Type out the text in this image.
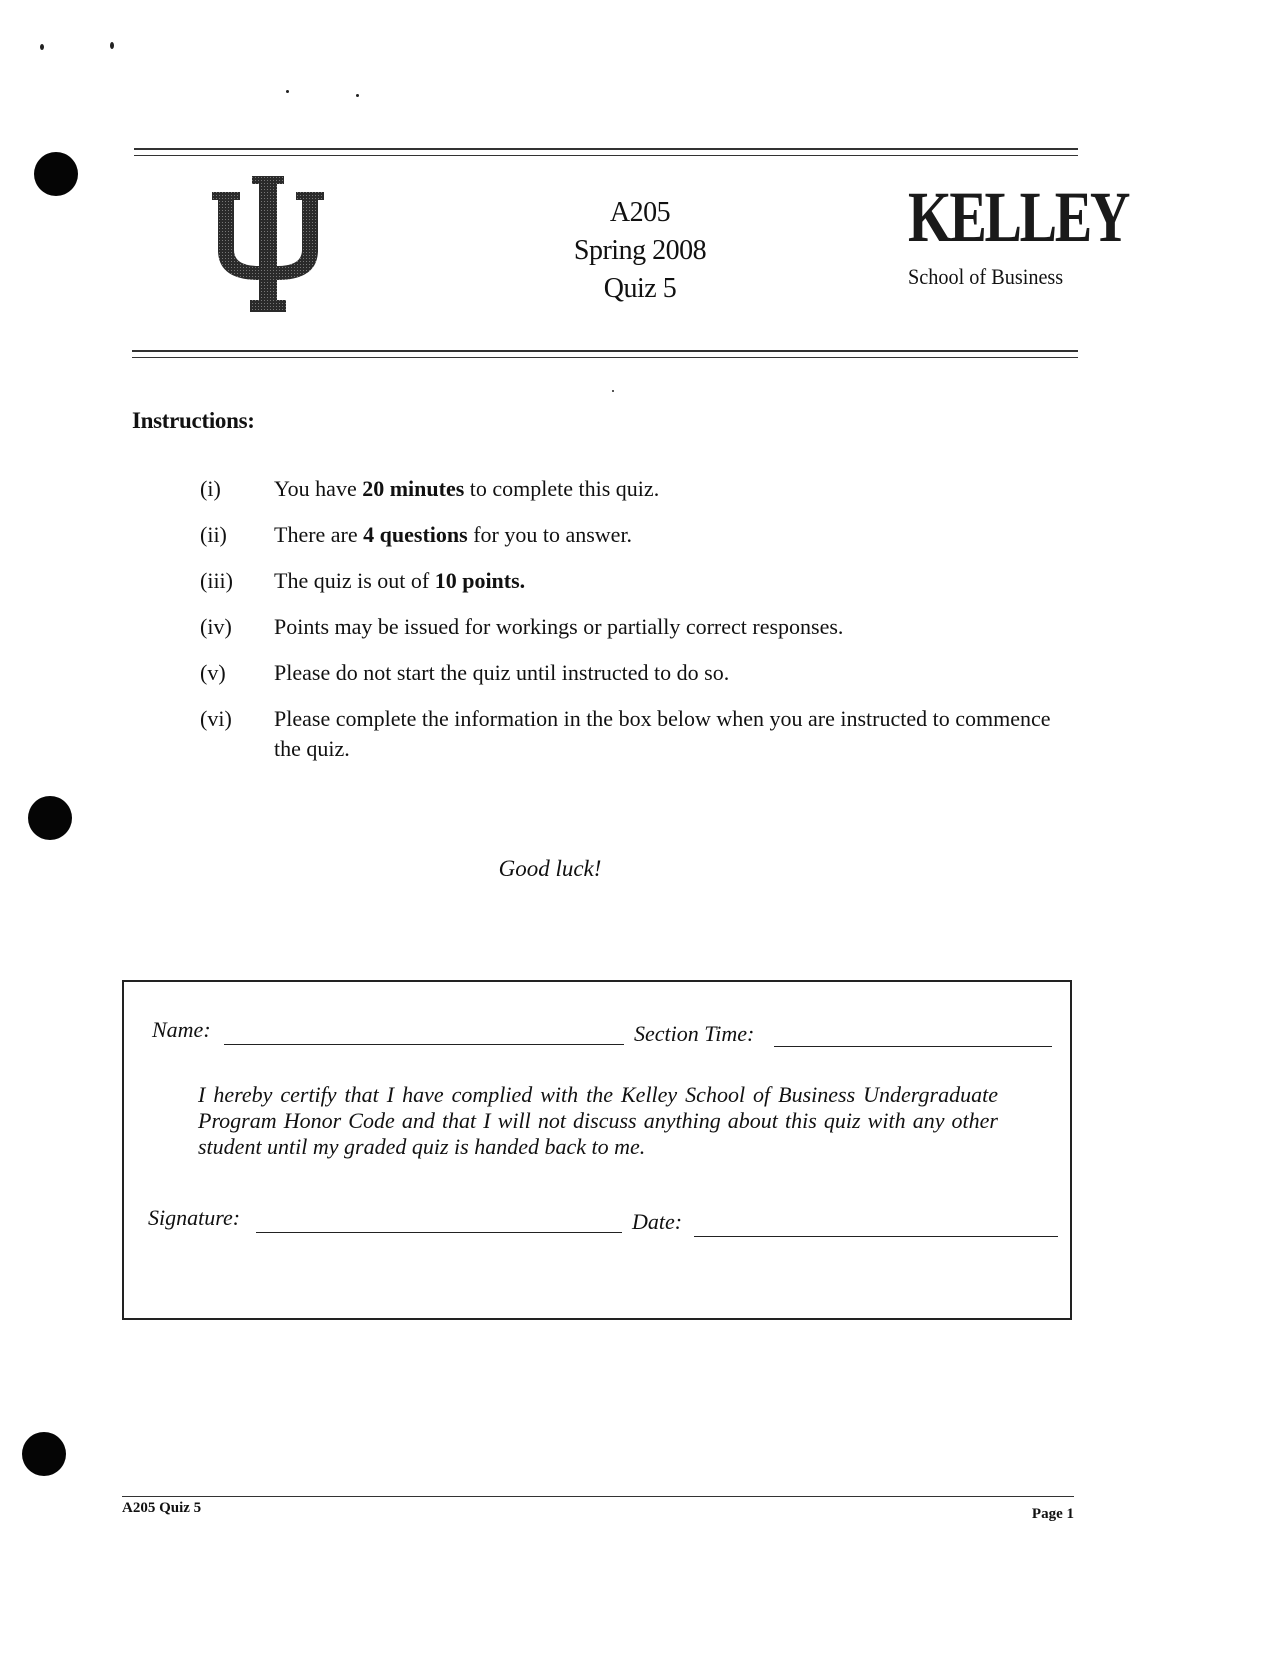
A205
Spring 2008
Quiz 5
KELLEY
School of Business
Instructions:
(i)	You have 20 minutes to complete this quiz.
(ii)	There are 4 questions for you to answer.
(iii)	The quiz is out of 10 points.
(iv)	Points may be issued for workings or partially correct responses.
(v)	Please do not start the quiz until instructed to do so.
(vi)	Please complete the information in the box below when you are instructed to commence the quiz.
Good luck!
Name:	Section Time:
I hereby certify that I have complied with the Kelley School of Business Undergraduate Program Honor Code and that I will not discuss anything about this quiz with any other student until my graded quiz is handed back to me.
Signature:	Date:
A205 Quiz 5	Page 1
